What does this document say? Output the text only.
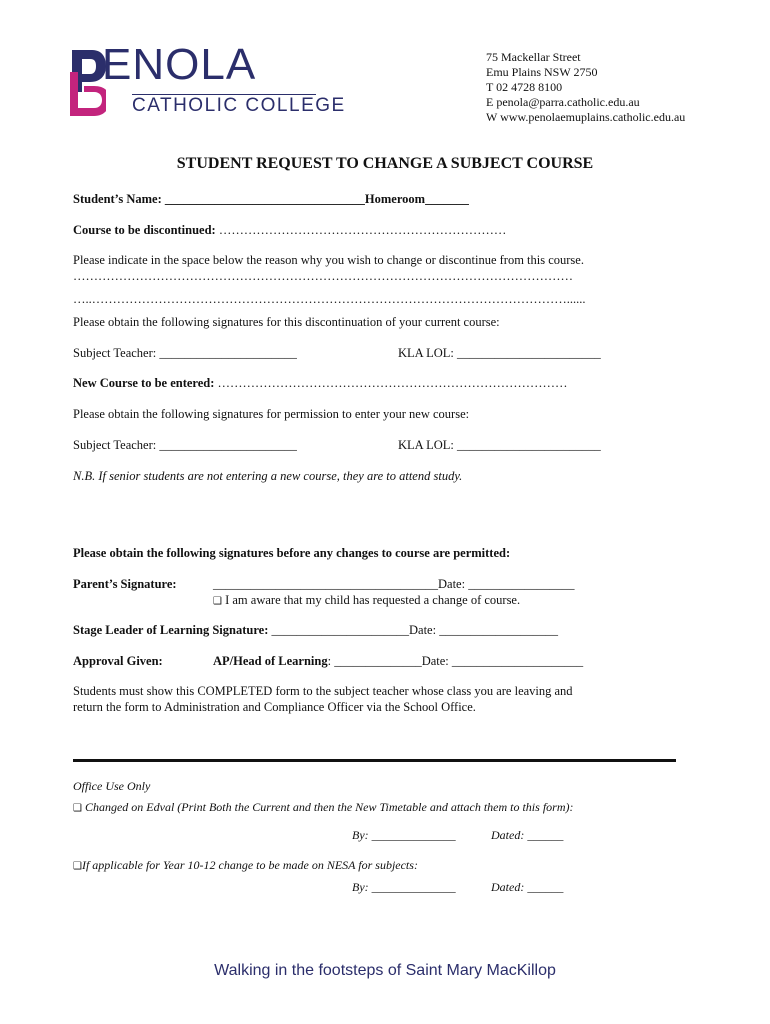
ENOLA
CATHOLIC COLLEGE
75 Mackellar Street
Emu Plains NSW 2750
T 02 4728 8100
E penola@parra.catholic.edu.au
W www.penolaemuplains.catholic.edu.au
STUDENT REQUEST TO CHANGE A SUBJECT COURSE
Student’s Name: ________________________________Homeroom_______
Course to be discontinued: ……………………………………………………………
Please indicate in the space below the reason why you wish to change or discontinue from this course.
…………………………………………………………………………………………………………
…..……………………………………………………………………………………………………......
Please obtain the following signatures for this discontinuation of your current course:
Subject Teacher: ______________________	KLA LOL: _______________________
New Course to be entered: …………………………………………………………………………
Please obtain the following signatures for permission to enter your new course:
Subject Teacher: ______________________	KLA LOL: _______________________
N.B. If senior students are not entering a new course, they are to attend study.
Please obtain the following signatures before any changes to course are permitted:
Parent’s Signature:	____________________________________Date: _________________
❑ I am aware that my child has requested a change of course.
Stage Leader of Learning Signature: ______________________Date: ___________________
Approval Given:	AP/Head of Learning: ______________Date: _____________________
Students must show this COMPLETED form to the subject teacher whose class you are leaving and
return the form to Administration and Compliance Officer via the School Office.
Office Use Only
❑ Changed on Edval (Print Both the Current and then the New Timetable and attach them to this form):
By: ______________	Dated: ______
❑If applicable for Year 10-12 change to be made on NESA for subjects:
By: ______________	Dated: ______
Walking in the footsteps of Saint Mary MacKillop
